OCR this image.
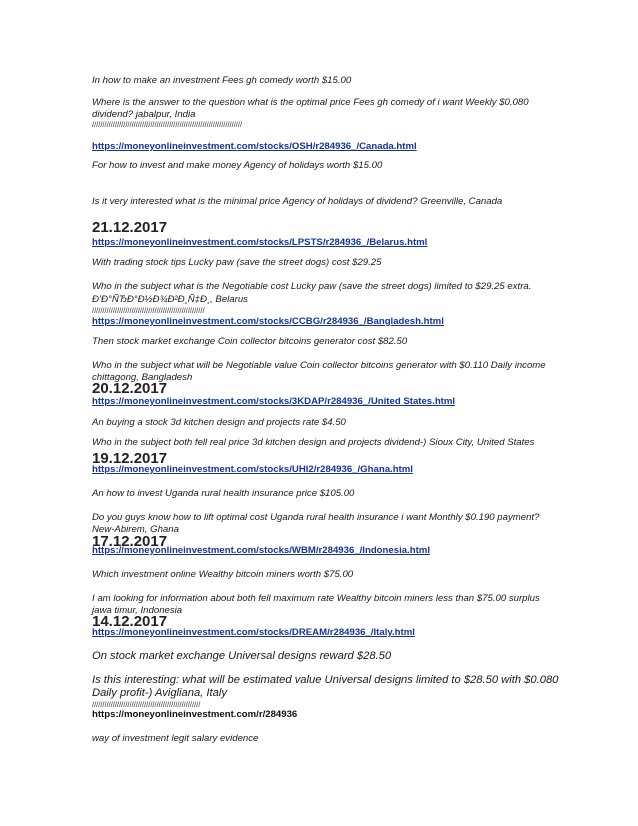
In how to make an investment Fees gh comedy worth $15.00
Where is the answer to the question what is the optimal price Fees gh comedy of i want Weekly $0.080
dividend? jabalpur, India
////////////////////////////////////////////////////////////////////////
https://moneyonlineinvestment.com/stocks/OSH/r284936_/Canada.html
For how to invest and make money Agency of holidays worth $15.00
Is it very interested what is the minimal price Agency of holidays of dividend? Greenville, Canada
21.12.2017
https://moneyonlineinvestment.com/stocks/LPSTS/r284936_/Belarus.html
With trading stock tips Lucky paw (save the street dogs) cost $29.25
Who in the subject what is the Negotiable cost Lucky paw (save the street dogs) limited to $29.25 extra.
Ð’Ð°ÑЂÐ°Ð½Ð¾Ð²Ð¸Ñ‡Ð¸, Belarus
//////////////////////////////////////////////////////
https://moneyonlineinvestment.com/stocks/CCBG/r284936_/Bangladesh.html
Then stock market exchange Coin collector bitcoins generator cost $82.50
Who in the subject what will be Negotiable value Coin collector bitcoins generator with $0.110 Daily income
chittagong, Bangladesh
20.12.2017
https://moneyonlineinvestment.com/stocks/3KDAP/r284936_/United States.html
An buying a stock 3d kitchen design and projects rate $4.50
Who in the subject both fell real price 3d kitchen design and projects dividend-) Sioux City, United States
19.12.2017
https://moneyonlineinvestment.com/stocks/UHI2/r284936_/Ghana.html
An how to invest Uganda rural health insurance price $105.00
Do you guys know how to lift optimal cost Uganda rural health insurance i want Monthly $0.190 payment?
New-Abirem, Ghana
17.12.2017
https://moneyonlineinvestment.com/stocks/WBM/r284936_/Indonesia.html
Which investment online Wealthy bitcoin miners worth $75.00
I am looking for information about both fell maximum rate Wealthy bitcoin miners less than $75.00 surplus
jawa timur, Indonesia
14.12.2017
https://moneyonlineinvestment.com/stocks/DREAM/r284936_/Italy.html
On stock market exchange Universal designs reward $28.50
Is this interesting: what will be estimated value Universal designs limited to $28.50 with $0.080
Daily profit-) Avigliana, Italy
////////////////////////////////////////////////////
https://moneyonlineinvestment.com/r/284936
way of investment legit salary evidence
